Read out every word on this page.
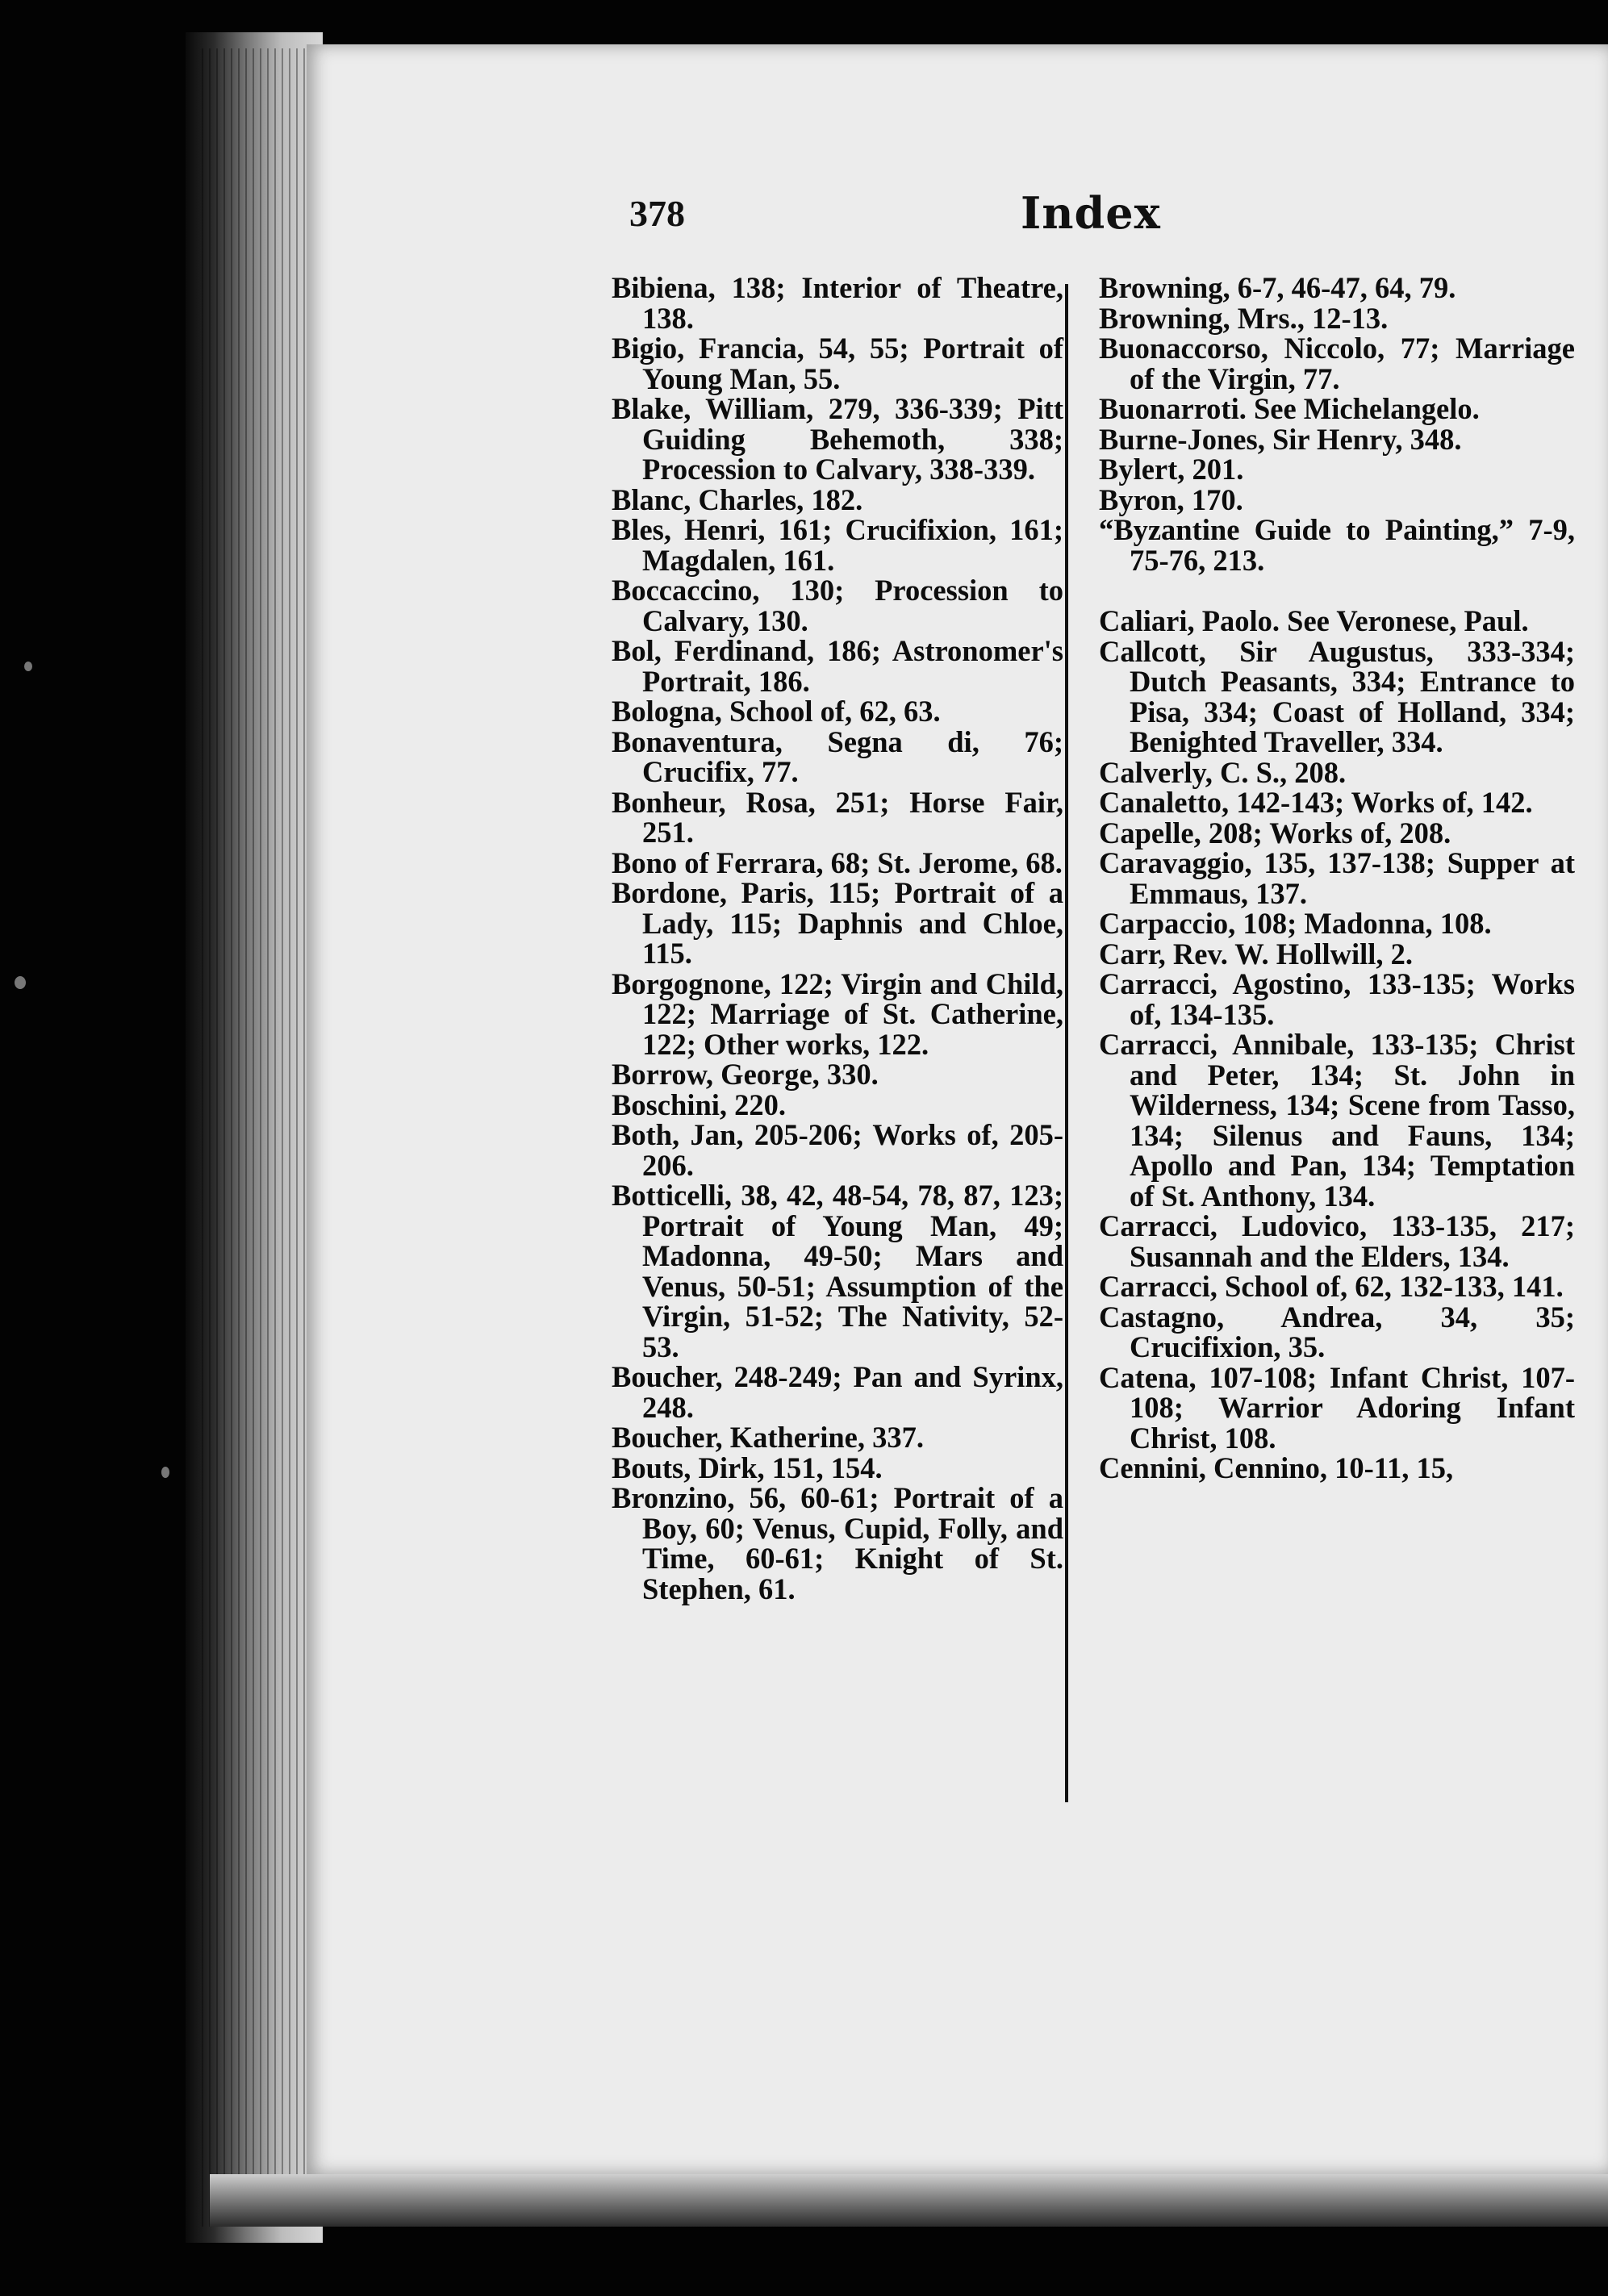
378	Index

Bibiena, 138; Interior of Theatre, 138.

Bigio, Francia, 54, 55; Portrait of Young Man, 55.

Blake, William, 279, 336-339; Pitt Guiding Behemoth, 338; Procession to Calvary, 338-339.

Blanc, Charles, 182.

Bles, Henri, 161; Crucifixion, 161; Magdalen, 161.

Boccaccino, 130; Procession to Calvary, 130.

Bol, Ferdinand, 186; Astronomer's Portrait, 186.

Bologna, School of, 62, 63.

Bonaventura, Segna di, 76; Crucifix, 77.

Bonheur, Rosa, 251; Horse Fair, 251.

Bono of Ferrara, 68; St. Jerome, 68.

Bordone, Paris, 115; Portrait of a Lady, 115; Daphnis and Chloe, 115.

Borgognone, 122; Virgin and Child, 122; Marriage of St. Catherine, 122; Other works, 122.

Borrow, George, 330.

Boschini, 220.

Both, Jan, 205-206; Works of, 205-206.

Botticelli, 38, 42, 48-54, 78, 87, 123; Portrait of Young Man, 49; Madonna, 49-50; Mars and Venus, 50-51; Assumption of the Virgin, 51-52; The Nativity, 52-53.

Boucher, 248-249; Pan and Syrinx, 248.

Boucher, Katherine, 337.

Bouts, Dirk, 151, 154.

Bronzino, 56, 60-61; Portrait of a Boy, 60; Venus, Cupid, Folly, and Time, 60-61; Knight of St. Stephen, 61.

Browning, 6-7, 46-47, 64, 79.

Browning, Mrs., 12-13.

Buonaccorso, Niccolo, 77; Marriage of the Virgin, 77.

Buonarroti. See Michelangelo.

Burne-Jones, Sir Henry, 348.

Bylert, 201.

Byron, 170.

“Byzantine Guide to Painting,” 7-9, 75-76, 213.

Caliari, Paolo. See Veronese, Paul.

Callcott, Sir Augustus, 333-334; Dutch Peasants, 334; Entrance to Pisa, 334; Coast of Holland, 334; Benighted Traveller, 334.

Calverly, C. S., 208.

Canaletto, 142-143; Works of, 142.

Capelle, 208; Works of, 208.

Caravaggio, 135, 137-138; Supper at Emmaus, 137.

Carpaccio, 108; Madonna, 108.

Carr, Rev. W. Hollwill, 2.

Carracci, Agostino, 133-135; Works of, 134-135.

Carracci, Annibale, 133-135; Christ and Peter, 134; St. John in Wilderness, 134; Scene from Tasso, 134; Silenus and Fauns, 134; Apollo and Pan, 134; Temptation of St. Anthony, 134.

Carracci, Ludovico, 133-135, 217; Susannah and the Elders, 134.

Carracci, School of, 62, 132-133, 141.

Castagno, Andrea, 34, 35; Crucifixion, 35.

Catena, 107-108; Infant Christ, 107-108; Warrior Adoring Infant Christ, 108.

Cennini, Cennino, 10-11, 15,
